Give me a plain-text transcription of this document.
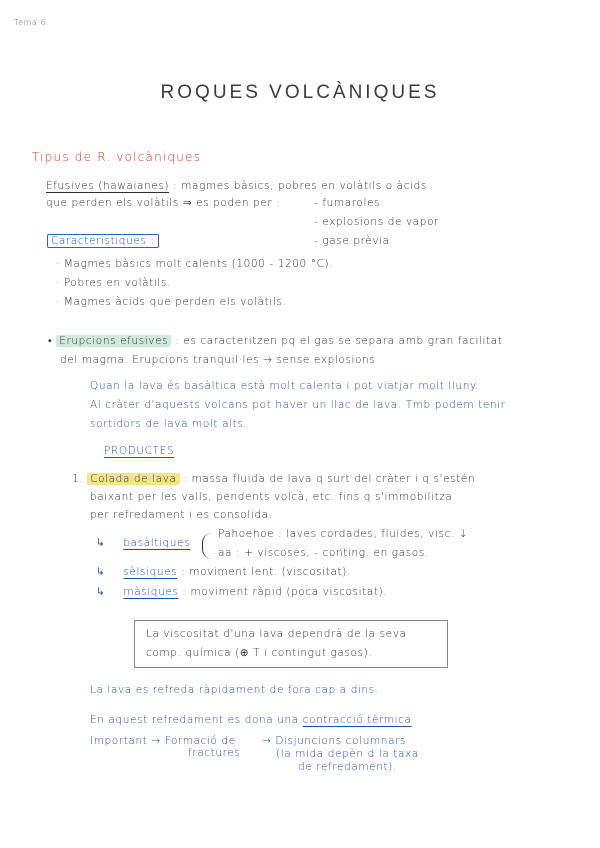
Tema 6.
ROQUES VOLCÀNIQUES
Tipus de R. volcàniques
Efusives (hawaianes) : magmes bàsics, pobres en volàtils o àcids
que perden els volàtils ⇒ es poden per :	- fumaroles
- explosions de vapor
- gase prèvia
Caracteristiques :
· Magmes bàsics molt calents (1000 - 1200 °C).
· Pobres en volàtils.
· Magmes àcids que perden els volàtils.
• Erupcions efusives : es caracteritzen pq el gas se separa amb gran facilitat
del magma. Erupcions tranquil·les → sense explosions
Quan la lava és basàltica està molt calenta i pot viatjar molt lluny.
Al cràter d'aquests volcans pot haver un llac de lava. Tmb podem tenir
sortidors de lava molt alts.
PRODUCTES
1. Colada de lava : massa fluida de lava q surt del cràter i q s'estén
baixant per les valls, pendents volcà, etc. fins q s'immobilitza
per refredament i es consolida.
↳ basàltiques
Pahoehoe : laves cordades, fluides, visc. ↓
aa : + viscoses, - conting. en gasos.
↳ sèlsiques : moviment lent. (viscositat).
↳ màsiques : moviment ràpid (poca viscositat).
La viscositat d'una lava dependrà de la seva
comp. química (⊕ T i contingut gasos).
La lava es refreda ràpidament de fora cap a dins.
En aquest refredament es dona una contracció tèrmica
Important → Formació de → Disjuncions columnars
fractures	(la mida depèn d la taxa
de refredament).
